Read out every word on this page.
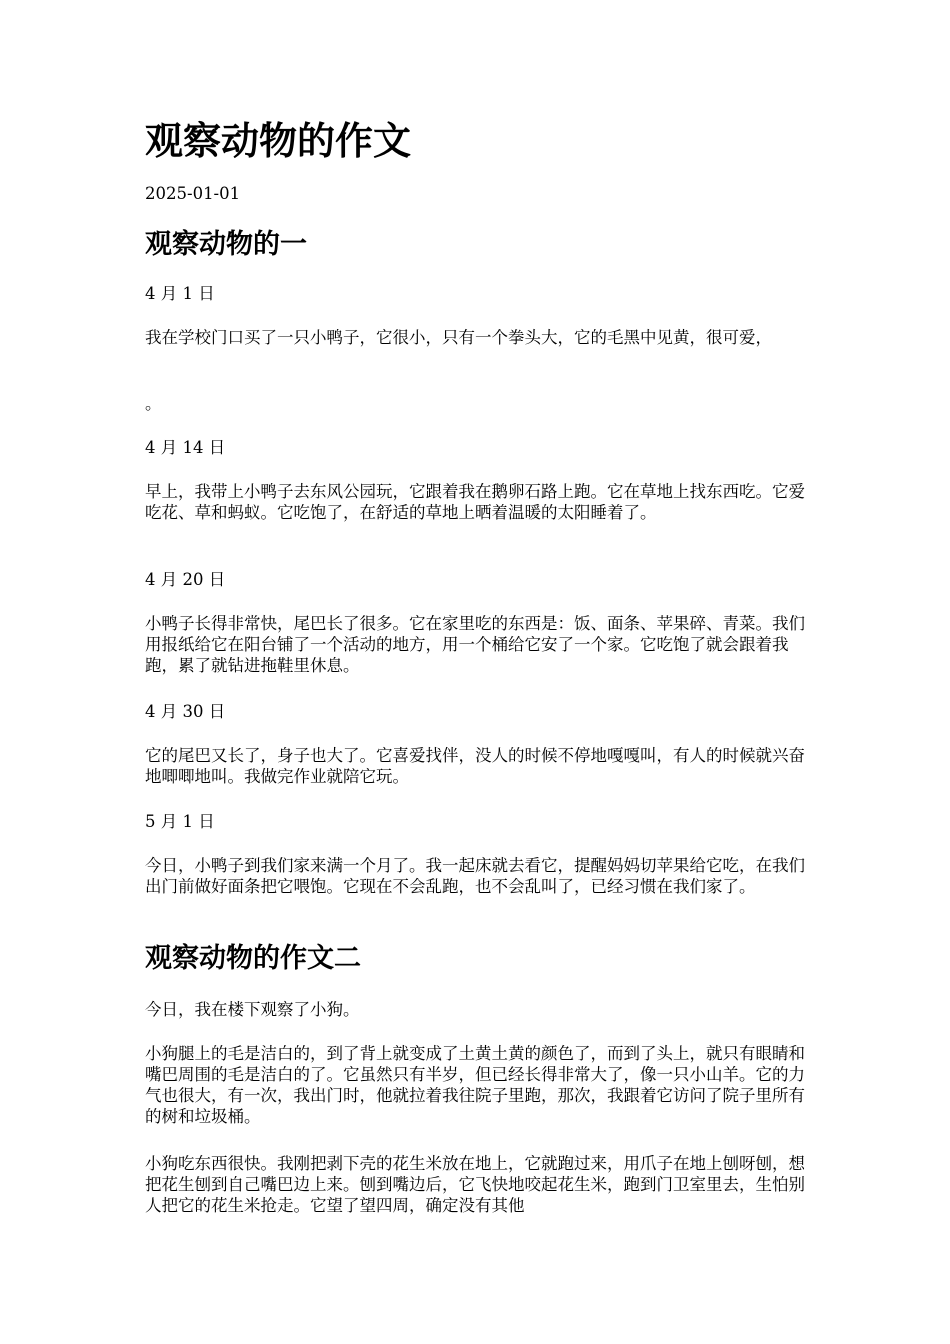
观察动物的作文

2025-01-01

观察动物的一

4 月 1 日

我在学校门口买了一只小鸭子，它很小，只有一个拳头大，它的毛黑中见黄，很可爱，

。

4 月 14 日

早上，我带上小鸭子去东风公园玩，它跟着我在鹅卵石路上跑。它在草地上找东西吃。它爱吃花、草和蚂蚁。它吃饱了，在舒适的草地上晒着温暖的太阳睡着了。

4 月 20 日

小鸭子长得非常快，尾巴长了很多。它在家里吃的东西是：饭、面条、苹果碎、青菜。我们用报纸给它在阳台铺了一个活动的地方，用一个桶给它安了一个家。它吃饱了就会跟着我跑，累了就钻进拖鞋里休息。

4 月 30 日

它的尾巴又长了，身子也大了。它喜爱找伴，没人的时候不停地嘎嘎叫，有人的时候就兴奋地唧唧地叫。我做完作业就陪它玩。

5 月 1 日

今日，小鸭子到我们家来满一个月了。我一起床就去看它，提醒妈妈切苹果给它吃，在我们出门前做好面条把它喂饱。它现在不会乱跑，也不会乱叫了，已经习惯在我们家了。

观察动物的作文二

今日，我在楼下观察了小狗。

小狗腿上的毛是洁白的，到了背上就变成了土黄土黄的颜色了，而到了头上，就只有眼睛和嘴巴周围的毛是洁白的了。它虽然只有半岁，但已经长得非常大了，像一只小山羊。它的力气也很大，有一次，我出门时，他就拉着我往院子里跑，那次，我跟着它访问了院子里所有的树和垃圾桶。

小狗吃东西很快。我刚把剥下壳的花生米放在地上，它就跑过来，用爪子在地上刨呀刨，想把花生刨到自己嘴巴边上来。刨到嘴边后，它飞快地咬起花生米，跑到门卫室里去，生怕别人把它的花生米抢走。它望了望四周，确定没有其他
